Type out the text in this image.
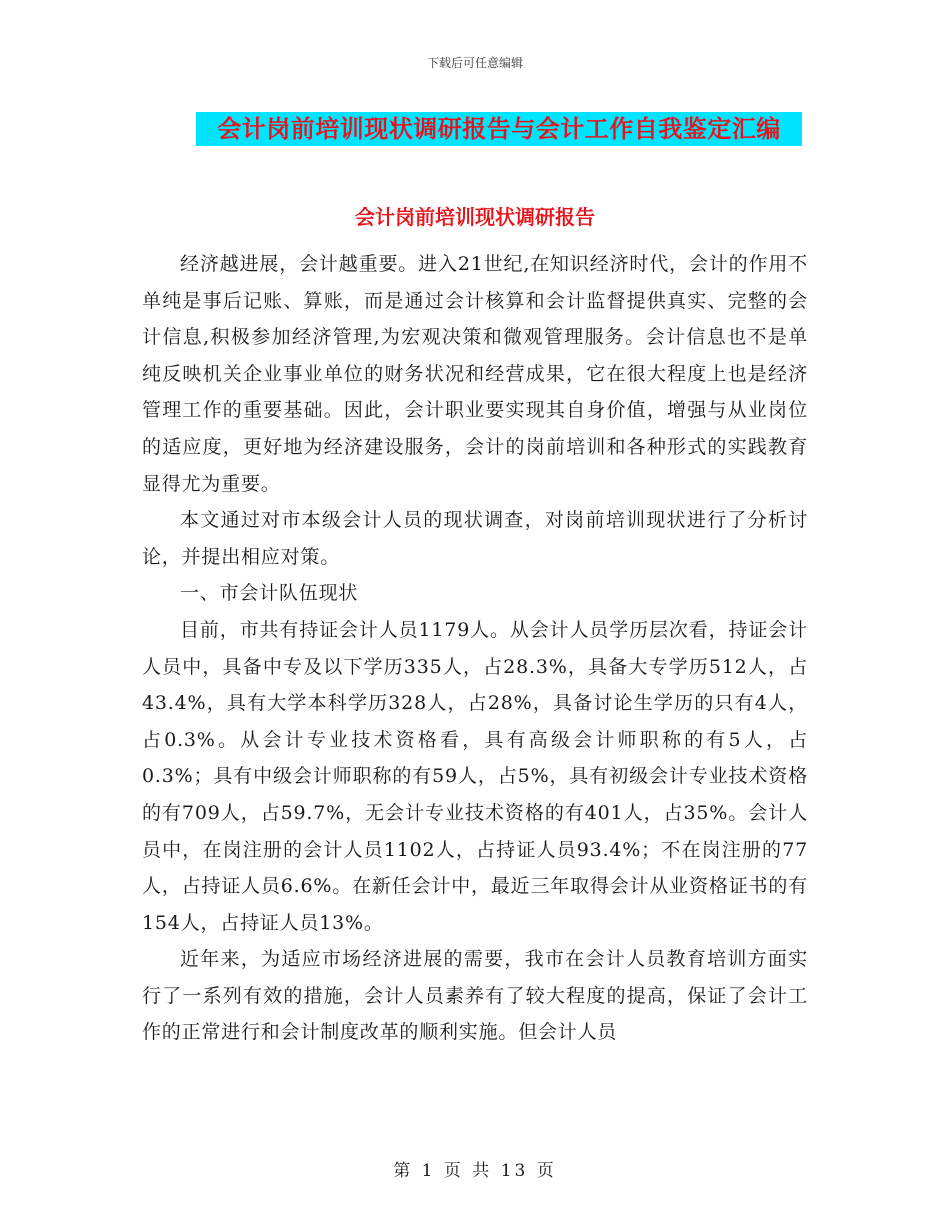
下载后可任意编辑
会计岗前培训现状调研报告与会计工作自我鉴定汇编
会计岗前培训现状调研报告

经济越进展，会计越重要。进入21世纪,在知识经济时代，会计的作用不单纯是事后记账、算账，而是通过会计核算和会计监督提供真实、完整的会计信息,积极参加经济管理,为宏观决策和微观管理服务。会计信息也不是单纯反映机关企业事业单位的财务状况和经营成果，它在很大程度上也是经济管理工作的重要基础。因此，会计职业要实现其自身价值，增强与从业岗位的适应度，更好地为经济建设服务，会计的岗前培训和各种形式的实践教育显得尤为重要。

本文通过对市本级会计人员的现状调查，对岗前培训现状进行了分析讨论，并提出相应对策。

一、市会计队伍现状

目前，市共有持证会计人员1179人。从会计人员学历层次看，持证会计人员中，具备中专及以下学历335人，占28.3%，具备大专学历512人，占43.4%，具有大学本科学历328人，占28%，具备讨论生学历的只有4人，占0.3%。从会计专业技术资格看，具有高级会计师职称的有5人，占0.3%；具有中级会计师职称的有59人，占5%，具有初级会计专业技术资格的有709人，占59.7%，无会计专业技术资格的有401人，占35%。会计人员中，在岗注册的会计人员1102人，占持证人员93.4%；不在岗注册的77人，占持证人员6.6%。在新任会计中，最近三年取得会计从业资格证书的有154人，占持证人员13%。

近年来，为适应市场经济进展的需要，我市在会计人员教育培训方面实行了一系列有效的措施，会计人员素养有了较大程度的提高，保证了会计工作的正常进行和会计制度改革的顺利实施。但会计人员

第 1 页 共 13 页
